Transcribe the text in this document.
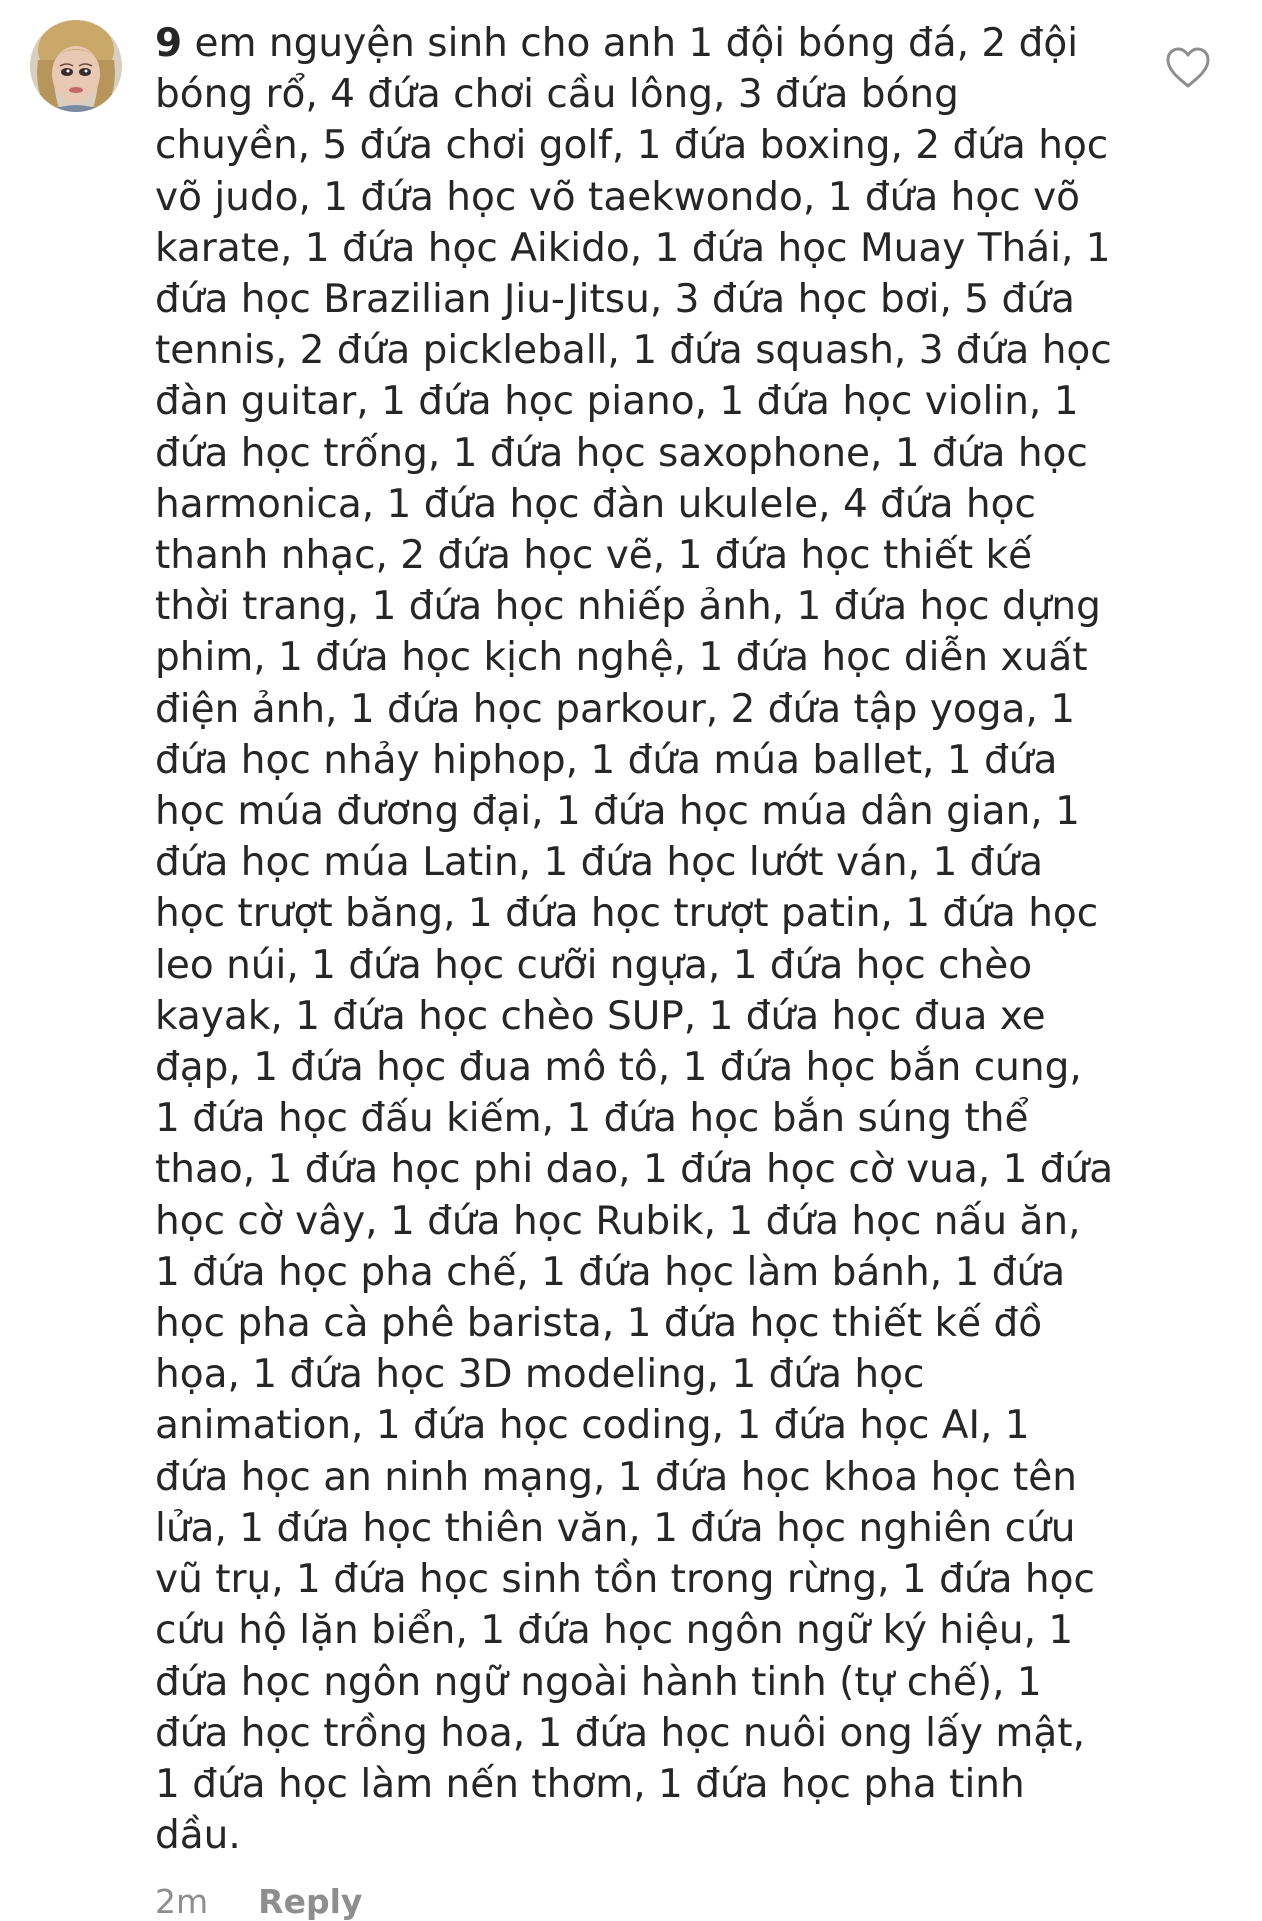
9 em nguyện sinh cho anh 1 đội bóng đá, 2 đội bóng rổ, 4 đứa chơi cầu lông, 3 đứa bóng chuyền, 5 đứa chơi golf, 1 đứa boxing, 2 đứa học võ judo, 1 đứa học võ taekwondo, 1 đứa học võ karate, 1 đứa học Aikido, 1 đứa học Muay Thái, 1 đứa học Brazilian Jiu-Jitsu, 3 đứa học bơi, 5 đứa tennis, 2 đứa pickleball, 1 đứa squash, 3 đứa học đàn guitar, 1 đứa học piano, 1 đứa học violin, 1 đứa học trống, 1 đứa học saxophone, 1 đứa học harmonica, 1 đứa học đàn ukulele, 4 đứa học thanh nhạc, 2 đứa học vẽ, 1 đứa học thiết kế thời trang, 1 đứa học nhiếp ảnh, 1 đứa học dựng phim, 1 đứa học kịch nghệ, 1 đứa học diễn xuất điện ảnh, 1 đứa học parkour, 2 đứa tập yoga, 1 đứa học nhảy hiphop, 1 đứa múa ballet, 1 đứa học múa đương đại, 1 đứa học múa dân gian, 1 đứa học múa Latin, 1 đứa học lướt ván, 1 đứa học trượt băng, 1 đứa học trượt patin, 1 đứa học leo núi, 1 đứa học cưỡi ngựa, 1 đứa học chèo kayak, 1 đứa học chèo SUP, 1 đứa học đua xe đạp, 1 đứa học đua mô tô, 1 đứa học bắn cung, 1 đứa học đấu kiếm, 1 đứa học bắn súng thể thao, 1 đứa học phi dao, 1 đứa học cờ vua, 1 đứa học cờ vây, 1 đứa học Rubik, 1 đứa học nấu ăn, 1 đứa học pha chế, 1 đứa học làm bánh, 1 đứa học pha cà phê barista, 1 đứa học thiết kế đồ họa, 1 đứa học 3D modeling, 1 đứa học animation, 1 đứa học coding, 1 đứa học AI, 1 đứa học an ninh mạng, 1 đứa học khoa học tên lửa, 1 đứa học thiên văn, 1 đứa học nghiên cứu vũ trụ, 1 đứa học sinh tồn trong rừng, 1 đứa học cứu hộ lặn biển, 1 đứa học ngôn ngữ ký hiệu, 1 đứa học ngôn ngữ ngoài hành tinh (tự chế), 1 đứa học trồng hoa, 1 đứa học nuôi ong lấy mật, 1 đứa học làm nến thơm, 1 đứa học pha tinh dầu.

2m Reply
